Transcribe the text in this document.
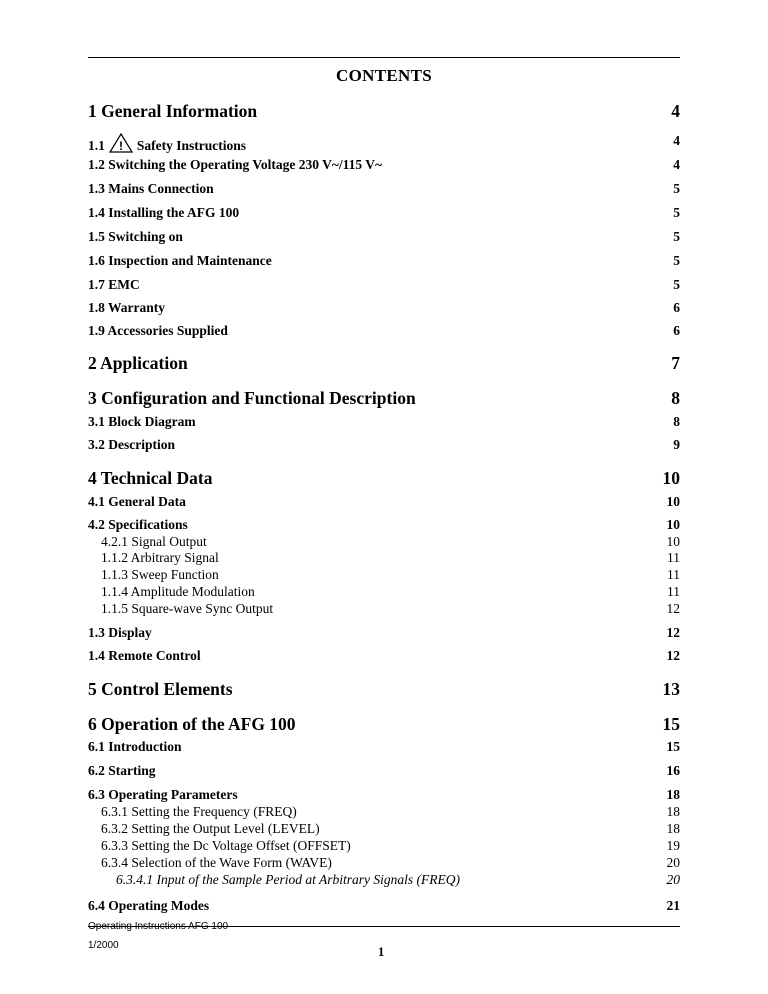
CONTENTS
1 General Information	4
1.1 ! Safety Instructions	4
1.2 Switching the Operating Voltage 230 V~/115 V~	4
1.3 Mains Connection	5
1.4 Installing the AFG 100	5
1.5 Switching on	5
1.6 Inspection and Maintenance	5
1.7 EMC	5
1.8 Warranty	6
1.9 Accessories Supplied	6
2 Application	7
3 Configuration and Functional Description	8
3.1 Block Diagram	8
3.2 Description	9
4 Technical Data	10
4.1 General Data	10
4.2 Specifications	10
4.2.1 Signal Output	10
1.1.2 Arbitrary Signal	11
1.1.3 Sweep Function	11
1.1.4 Amplitude Modulation	11
1.1.5 Square-wave Sync Output	12
1.3 Display	12
1.4 Remote Control	12
5 Control Elements	13
6 Operation of the AFG 100	15
6.1 Introduction	15
6.2 Starting	16
6.3 Operating Parameters	18
6.3.1 Setting the Frequency (FREQ)	18
6.3.2 Setting the Output Level (LEVEL)	18
6.3.3 Setting the Dc Voltage Offset (OFFSET)	19
6.3.4 Selection of the Wave Form (WAVE)	20
6.3.4.1 Input of the Sample Period at Arbitrary Signals (FREQ)	20
6.4 Operating Modes	21
Operating Instructions AFG 100
1/2000	1
